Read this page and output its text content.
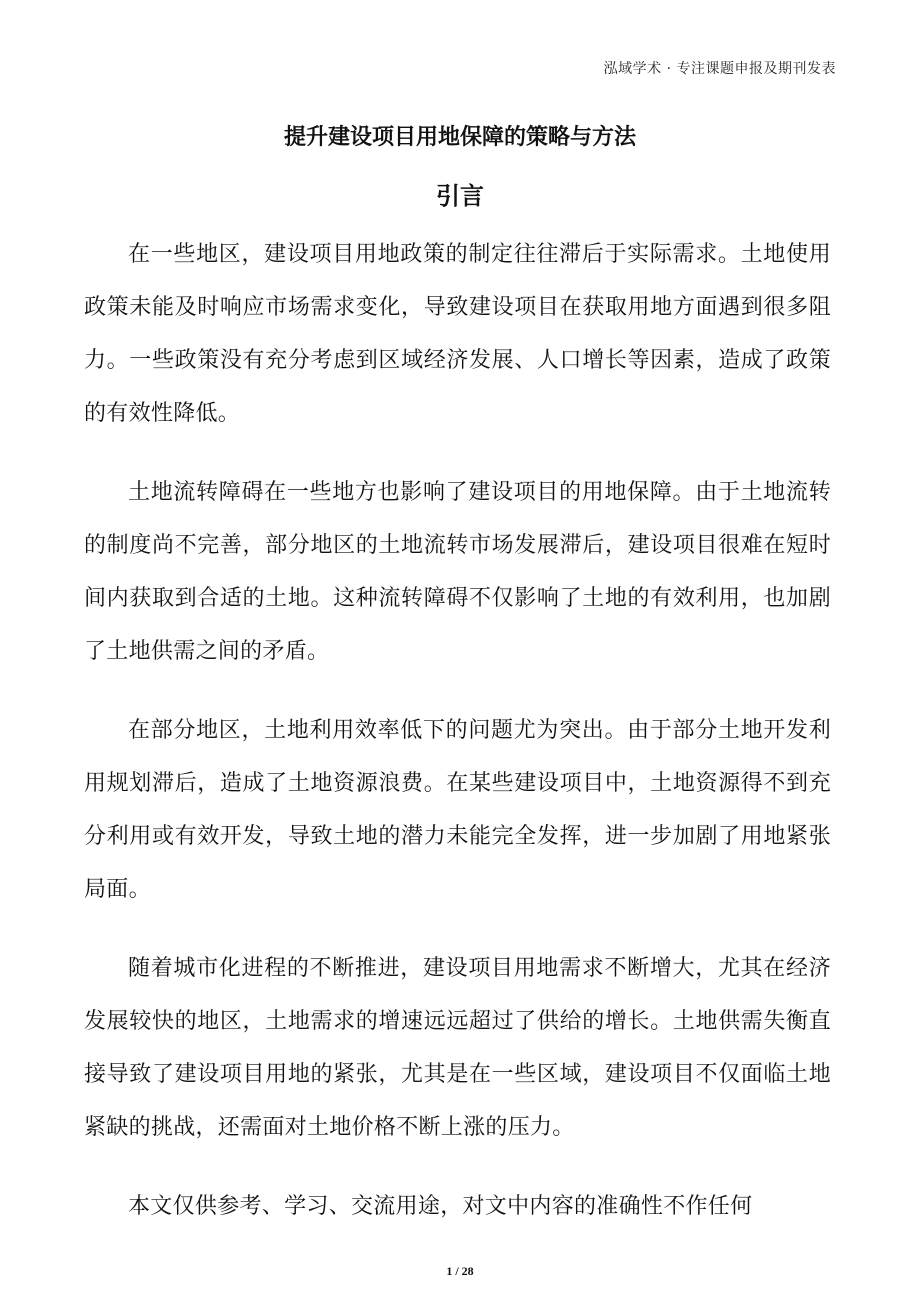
泓域学术 · 专注课题申报及期刊发表
提升建设项目用地保障的策略与方法
引言

在一些地区，建设项目用地政策的制定往往滞后于实际需求。土地使用政策未能及时响应市场需求变化，导致建设项目在获取用地方面遇到很多阻力。一些政策没有充分考虑到区域经济发展、人口增长等因素，造成了政策的有效性降低。

土地流转障碍在一些地方也影响了建设项目的用地保障。由于土地流转的制度尚不完善，部分地区的土地流转市场发展滞后，建设项目很难在短时间内获取到合适的土地。这种流转障碍不仅影响了土地的有效利用，也加剧了土地供需之间的矛盾。

在部分地区，土地利用效率低下的问题尤为突出。由于部分土地开发利用规划滞后，造成了土地资源浪费。在某些建设项目中，土地资源得不到充分利用或有效开发，导致土地的潜力未能完全发挥，进一步加剧了用地紧张局面。

随着城市化进程的不断推进，建设项目用地需求不断增大，尤其在经济发展较快的地区，土地需求的增速远远超过了供给的增长。土地供需失衡直接导致了建设项目用地的紧张，尤其是在一些区域，建设项目不仅面临土地紧缺的挑战，还需面对土地价格不断上涨的压力。

本文仅供参考、学习、交流用途，对文中内容的准确性不作任何

1 / 28
